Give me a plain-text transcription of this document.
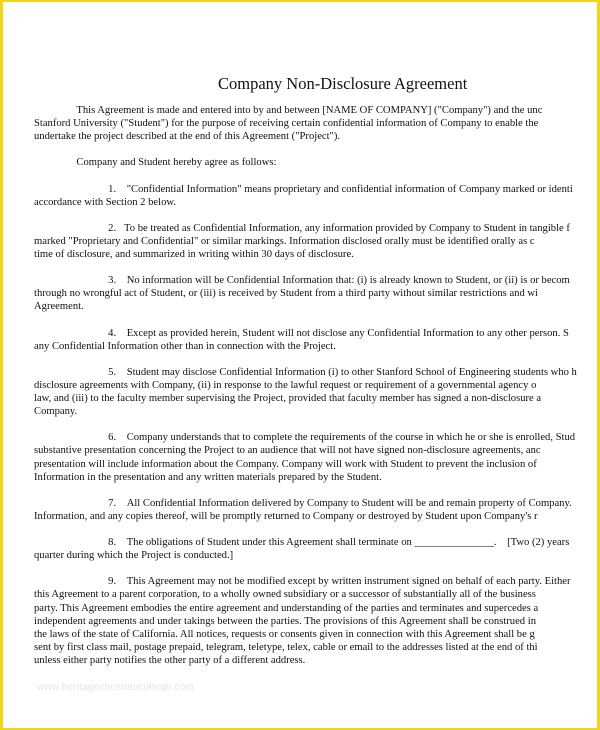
Company Non-Disclosure Agreement
This Agreement is made and entered into by and between [NAME OF COMPANY] ("Company") and the unc
Stanford University ("Student") for the purpose of receiving certain confidential information of Company to enable the
undertake the project described at the end of this Agreement ("Project").
Company and Student hereby agree as follows:
1.    "Confidential Information" means proprietary and confidential information of Company marked or identi
accordance with Section 2 below.
2.   To be treated as Confidential Information, any information provided by Company to Student in tangible f
marked "Proprietary and Confidential" or similar markings. Information disclosed orally must be identified orally as c
time of disclosure, and summarized in writing within 30 days of disclosure.
3.    No information will be Confidential Information that: (i) is already known to Student, or (ii) is or becom
through no wrongful act of Student, or (iii) is received by Student from a third party without similar restrictions and wi
Agreement.
4.    Except as provided herein, Student will not disclose any Confidential Information to any other person. S
any Confidential Information other than in connection with the Project.
5.    Student may disclose Confidential Information (i) to other Stanford School of Engineering students who h
disclosure agreements with Company, (ii) in response to the lawful request or requirement of a governmental agency o
law, and (iii) to the faculty member supervising the Project, provided that faculty member has signed a non-disclosure a
Company.
6.    Company understands that to complete the requirements of the course in which he or she is enrolled, Stud
substantive presentation concerning the Project to an audience that will not have signed non-disclosure agreements, anc
presentation will include information about the Company. Company will work with Student to prevent the inclusion of
Information in the presentation and any written materials prepared by the Student.
7.    All Confidential Information delivered by Company to Student will be and remain property of Company.
Information, and any copies thereof, will be promptly returned to Company or destroyed by Student upon Company's r
8.    The obligations of Student under this Agreement shall terminate on _______________.    [Two (2) years
quarter during which the Project is conducted.]
9.    This Agreement may not be modified except by written instrument signed on behalf of each party. Either
this Agreement to a parent corporation, to a wholly owned subsidiary or a successor of substantially all of the business
party. This Agreement embodies the entire agreement and understanding of the parties and terminates and supercedes a
independent agreements and under takings between the parties. The provisions of this Agreement shall be construed in
the laws of the state of California. All notices, requests or consents given in connection with this Agreement shall be g
sent by first class mail, postage prepaid, telegram, teletype, telex, cable or email to the addresses listed at the end of thi
unless either party notifies the other party of a different address.
www.heritagechristiancollege.com
